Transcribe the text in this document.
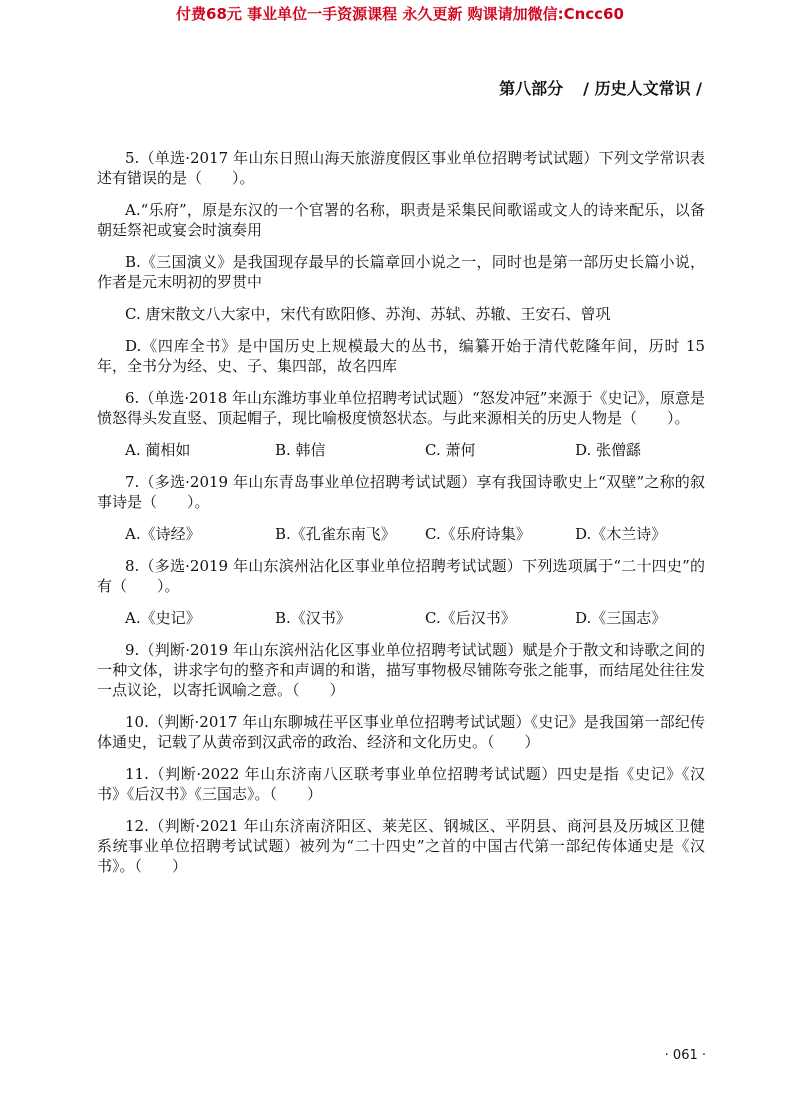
付费68元 事业单位一手资源课程 永久更新 购课请加微信:Cncc60
第八部分 / 历史人文常识 /

5.（单选·2017 年山东日照山海天旅游度假区事业单位招聘考试试题）下列文学常识表述有错误的是（　　）。

A.“乐府”，原是东汉的一个官署的名称，职责是采集民间歌谣或文人的诗来配乐，以备朝廷祭祀或宴会时演奏用

B.《三国演义》是我国现存最早的长篇章回小说之一，同时也是第一部历史长篇小说，作者是元末明初的罗贯中

C. 唐宋散文八大家中，宋代有欧阳修、苏洵、苏轼、苏辙、王安石、曾巩

D.《四库全书》是中国历史上规模最大的丛书，编纂开始于清代乾隆年间，历时 15 年，全书分为经、史、子、集四部，故名四库

6.（单选·2018 年山东潍坊事业单位招聘考试试题）“怒发冲冠”来源于《史记》，原意是愤怒得头发直竖、顶起帽子，现比喻极度愤怒状态。与此来源相关的历史人物是（　　）。

A. 蔺相如	B. 韩信	C. 萧何	D. 张僧繇

7.（多选·2019 年山东青岛事业单位招聘考试试题）享有我国诗歌史上“双壁”之称的叙事诗是（　　）。

A.《诗经》	B.《孔雀东南飞》	C.《乐府诗集》	D.《木兰诗》

8.（多选·2019 年山东滨州沾化区事业单位招聘考试试题）下列选项属于“二十四史”的有（　　）。

A.《史记》	B.《汉书》	C.《后汉书》	D.《三国志》

9.（判断·2019 年山东滨州沾化区事业单位招聘考试试题）赋是介于散文和诗歌之间的一种文体，讲求字句的整齐和声调的和谐，描写事物极尽铺陈夸张之能事，而结尾处往往发一点议论，以寄托讽喻之意。（　　）

10.（判断·2017 年山东聊城茌平区事业单位招聘考试试题）《史记》是我国第一部纪传体通史，记载了从黄帝到汉武帝的政治、经济和文化历史。（　　）

11.（判断·2022 年山东济南八区联考事业单位招聘考试试题）四史是指《史记》《汉书》《后汉书》《三国志》。（　　）

12.（判断·2021 年山东济南济阳区、莱芜区、钢城区、平阴县、商河县及历城区卫健系统事业单位招聘考试试题）被列为“二十四史”之首的中国古代第一部纪传体通史是《汉书》。（　　）

· 061 ·
